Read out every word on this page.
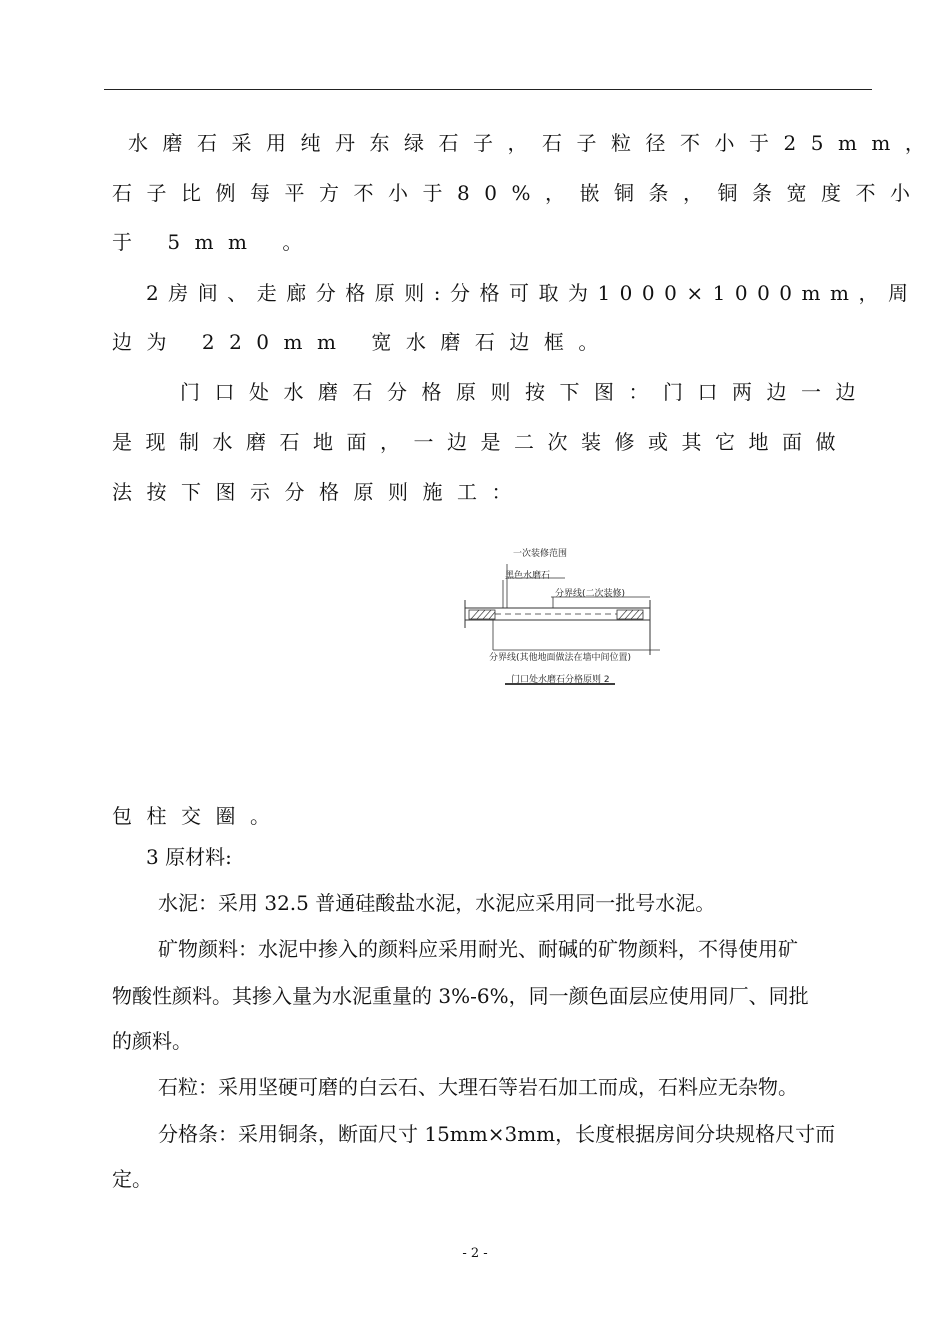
水磨石采用纯丹东绿石子，石子粒径不小于25mm，
石子比例每平方不小于80%，嵌铜条，铜条宽度不小
于 5mm 。
2房间、走廊分格原则:分格可取为1000×1000mm，周
边为 220mm 宽水磨石边框。
门口处水磨石分格原则按下图：门口两边一边
是现制水磨石地面，一边是二次装修或其它地面做
法按下图示分格原则施工：
一次装修范围
黑色水磨石
分界线(二次装修)
分界线(其他地面做法在墙中间位置)
门口处水磨石分格原则 2
包柱交圈。
3 原材料:
水泥：采用 32.5 普通硅酸盐水泥，水泥应采用同一批号水泥。
矿物颜料：水泥中掺入的颜料应采用耐光、耐碱的矿物颜料，不得使用矿
物酸性颜料。其掺入量为水泥重量的 3%-6%，同一颜色面层应使用同厂、同批
的颜料。
石粒：采用坚硬可磨的白云石、大理石等岩石加工而成，石料应无杂物。
分格条：采用铜条，断面尺寸 15mm×3mm，长度根据房间分块规格尺寸而
定。
- 2 -
